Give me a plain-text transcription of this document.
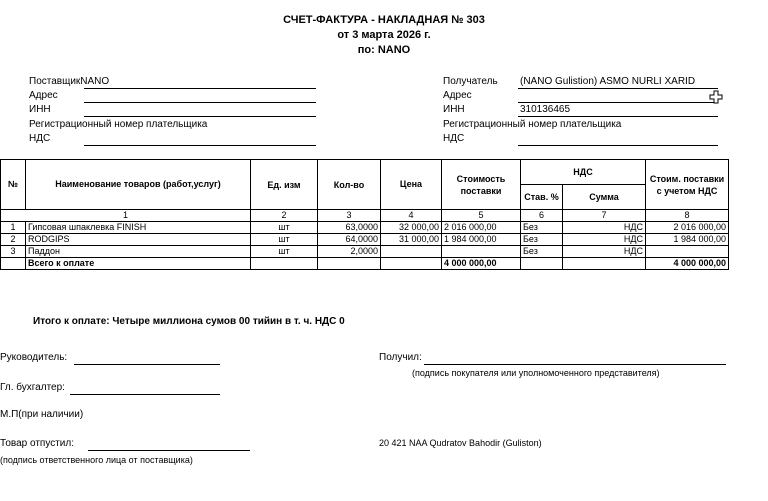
СЧЕТ-ФАКТУРА - НАКЛАДНАЯ № 303
от 3 марта 2026 г.
по: NANO
ПоставщикNANO
Адрес
ИНН
Регистрационный номер плательщика
НДС
Получатель (NANO Gulistion) ASMO NURLI XARID
Адрес
ИНН	310136465
Регистрационный номер плательщика
НДС
№	Наименование товаров (работ,услуг)	Ед. изм	Кол-во	Цена	Стоимость поставки	НДС		Стоим. поставки с учетом НДС
						Став. %	Сумма	
1		2	3	4	5	6	7	8
1	Гипсовая шпаклевка FINISH	шт	63,0000	32 000,00	2 016 000,00	Без	НДС	2 016 000,00
2	RODGIPS	шт	64,0000	31 000,00	1 984 000,00	Без	НДС	1 984 000,00
3	Паддон	шт	2,0000			Без	НДС	
	Всего к оплате				4 000 000,00			4 000 000,00
Итого к оплате: Четыре миллиона сумов 00 тийин в т. ч. НДС 0
Руководитель:
Гл. бухгалтер:
М.П(при наличии)
Товар отпустил:
(подпись ответственного лица от поставщика)
Получил:
(подпись покупателя или уполномоченного представителя)
20 421 NAA Qudratov Bahodir (Guliston)
